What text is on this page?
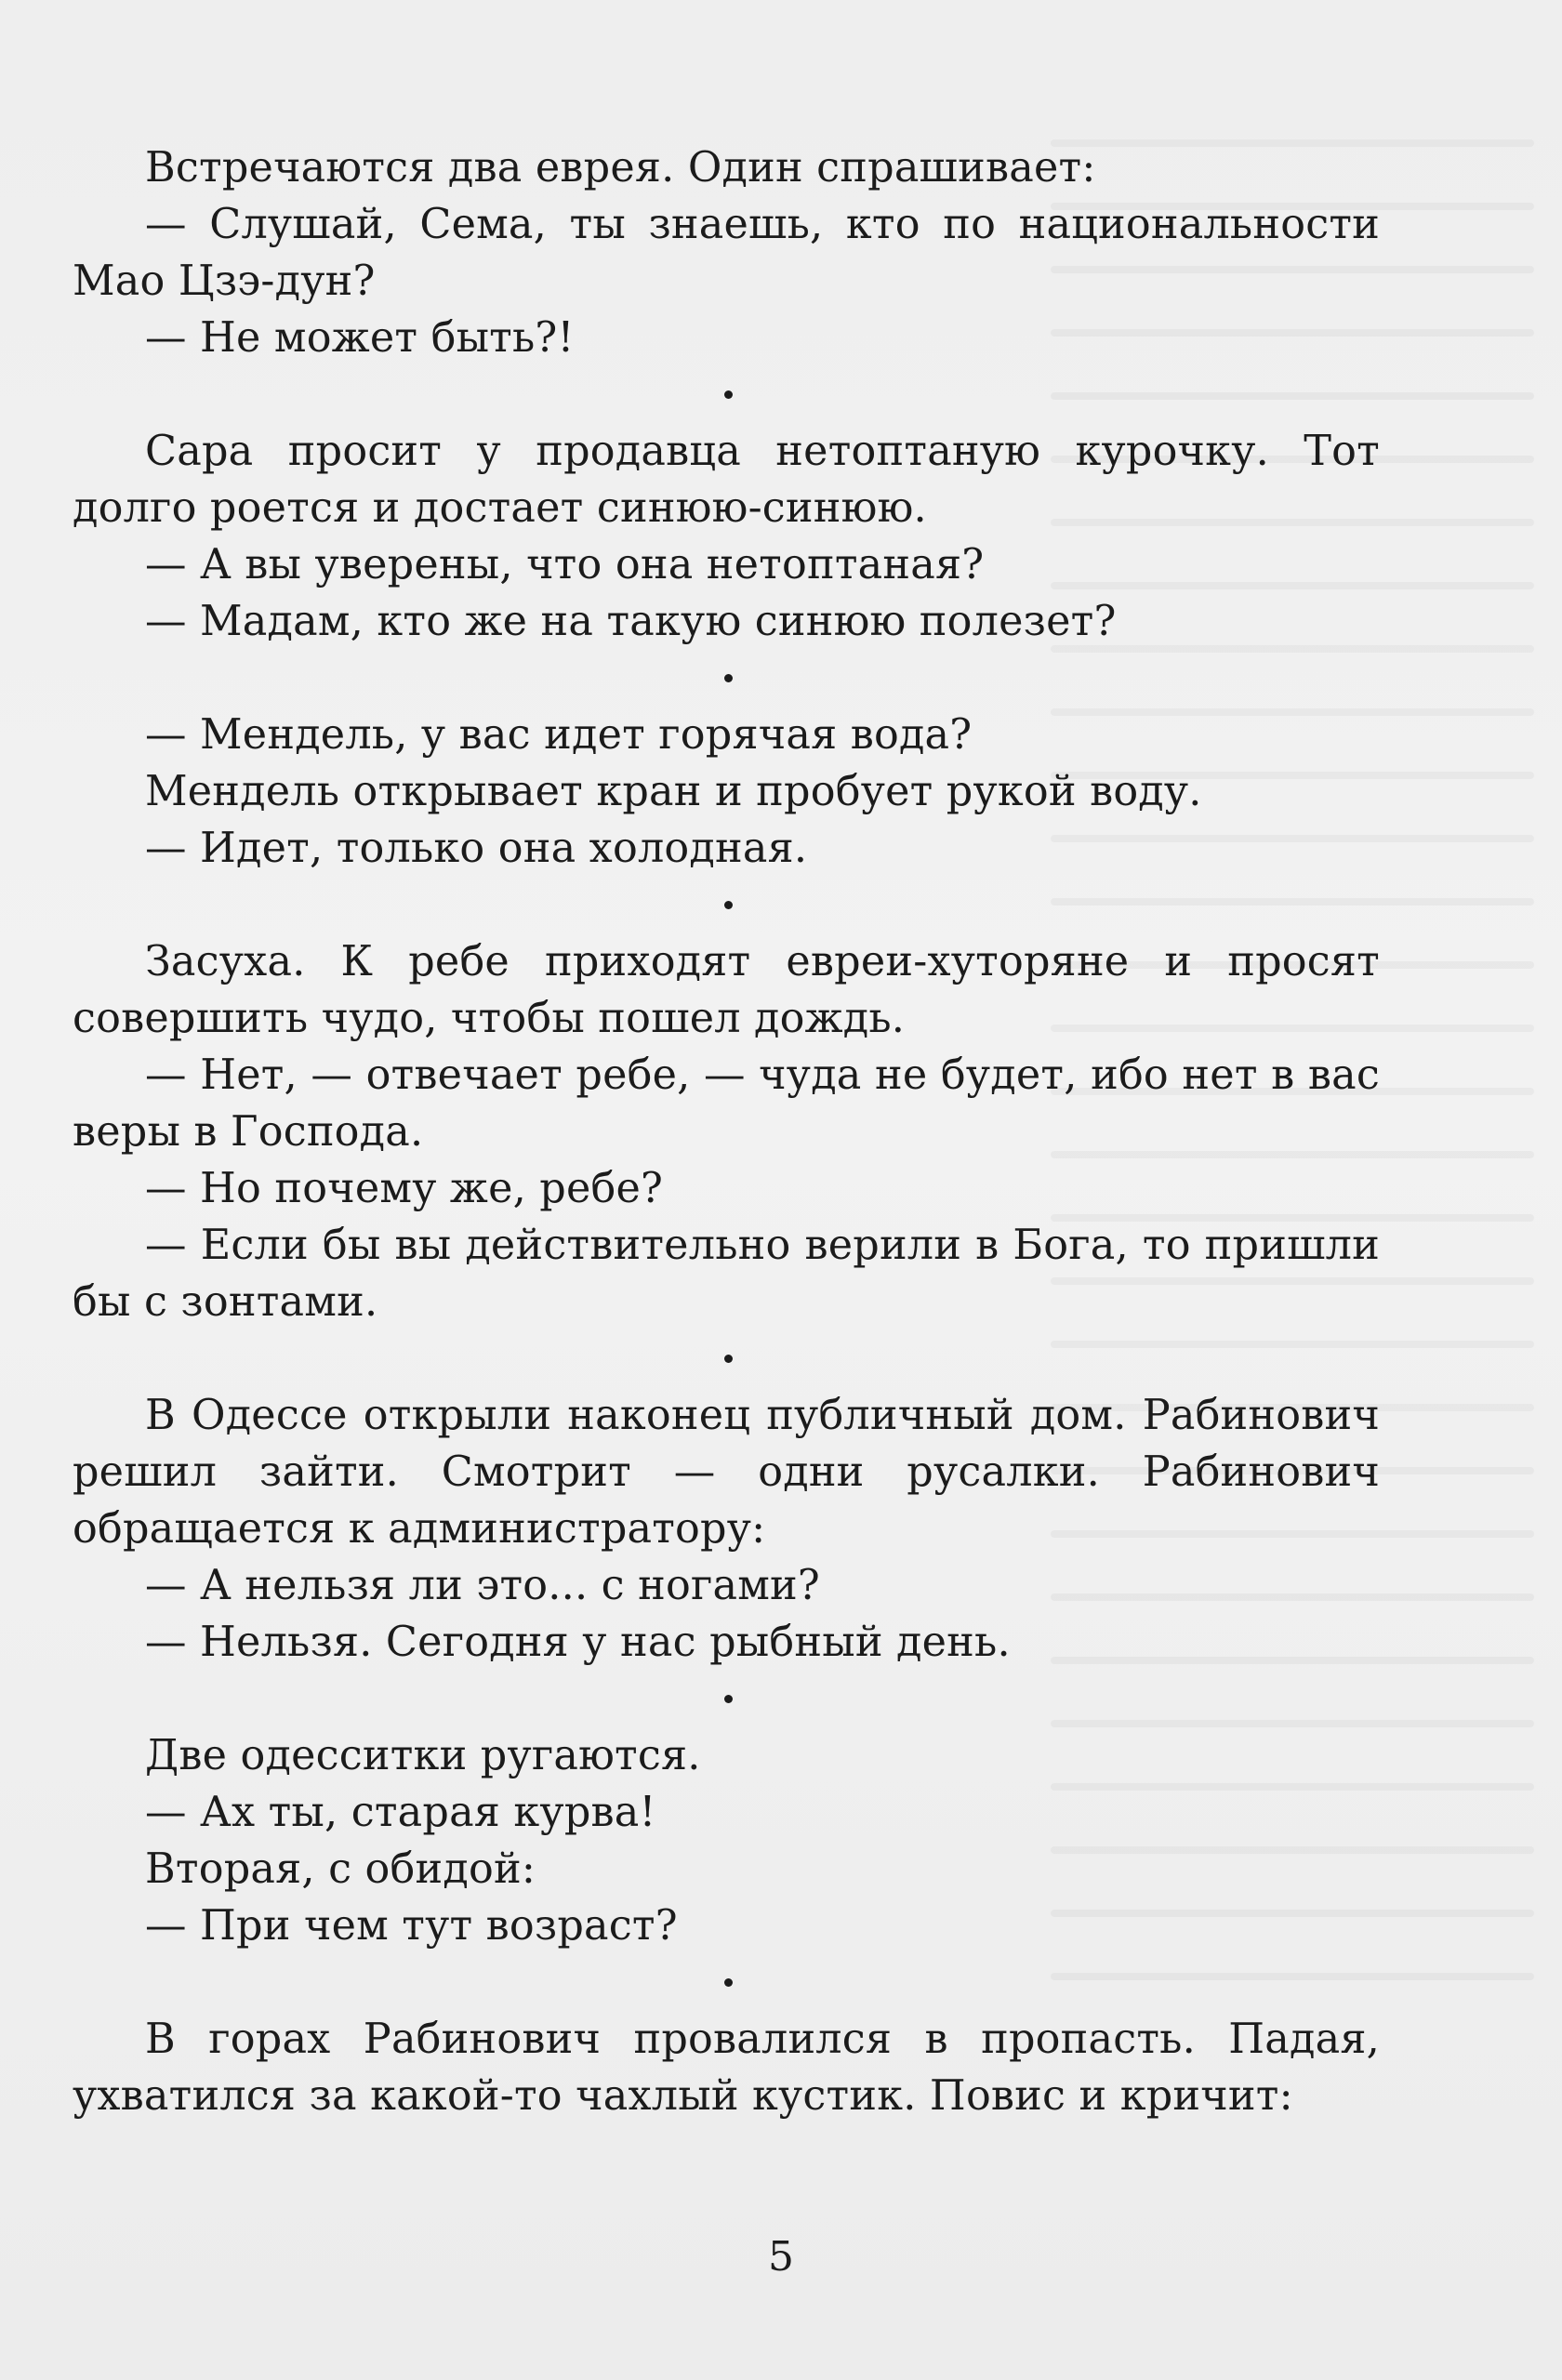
Встречаются два еврея. Один спрашивает:

— Слушай, Сема, ты знаешь, кто по национальности Мао Цзэ-дун?

— Не может быть?!

Сара просит у продавца нетоптаную курочку. Тот долго роется и достает синюю-синюю.

— А вы уверены, что она нетоптаная?

— Мадам, кто же на такую синюю полезет?

— Мендель, у вас идет горячая вода?

Мендель открывает кран и пробует рукой воду.

— Идет, только она холодная.

Засуха. К ребе приходят евреи-хуторяне и просят совершить чудо, чтобы пошел дождь.

— Нет, — отвечает ребе, — чуда не будет, ибо нет в вас веры в Господа.

— Но почему же, ребе?

— Если бы вы действительно верили в Бога, то пришли бы с зонтами.

В Одессе открыли наконец публичный дом. Рабинович решил зайти. Смотрит — одни русалки. Рабинович обращается к администратору:

— А нельзя ли это... с ногами?

— Нельзя. Сегодня у нас рыбный день.

Две одесситки ругаются.

— Ах ты, старая курва!

Вторая, с обидой:

— При чем тут возраст?

В горах Рабинович провалился в пропасть. Падая, ухватился за какой-то чахлый кустик. Повис и кричит:

5
